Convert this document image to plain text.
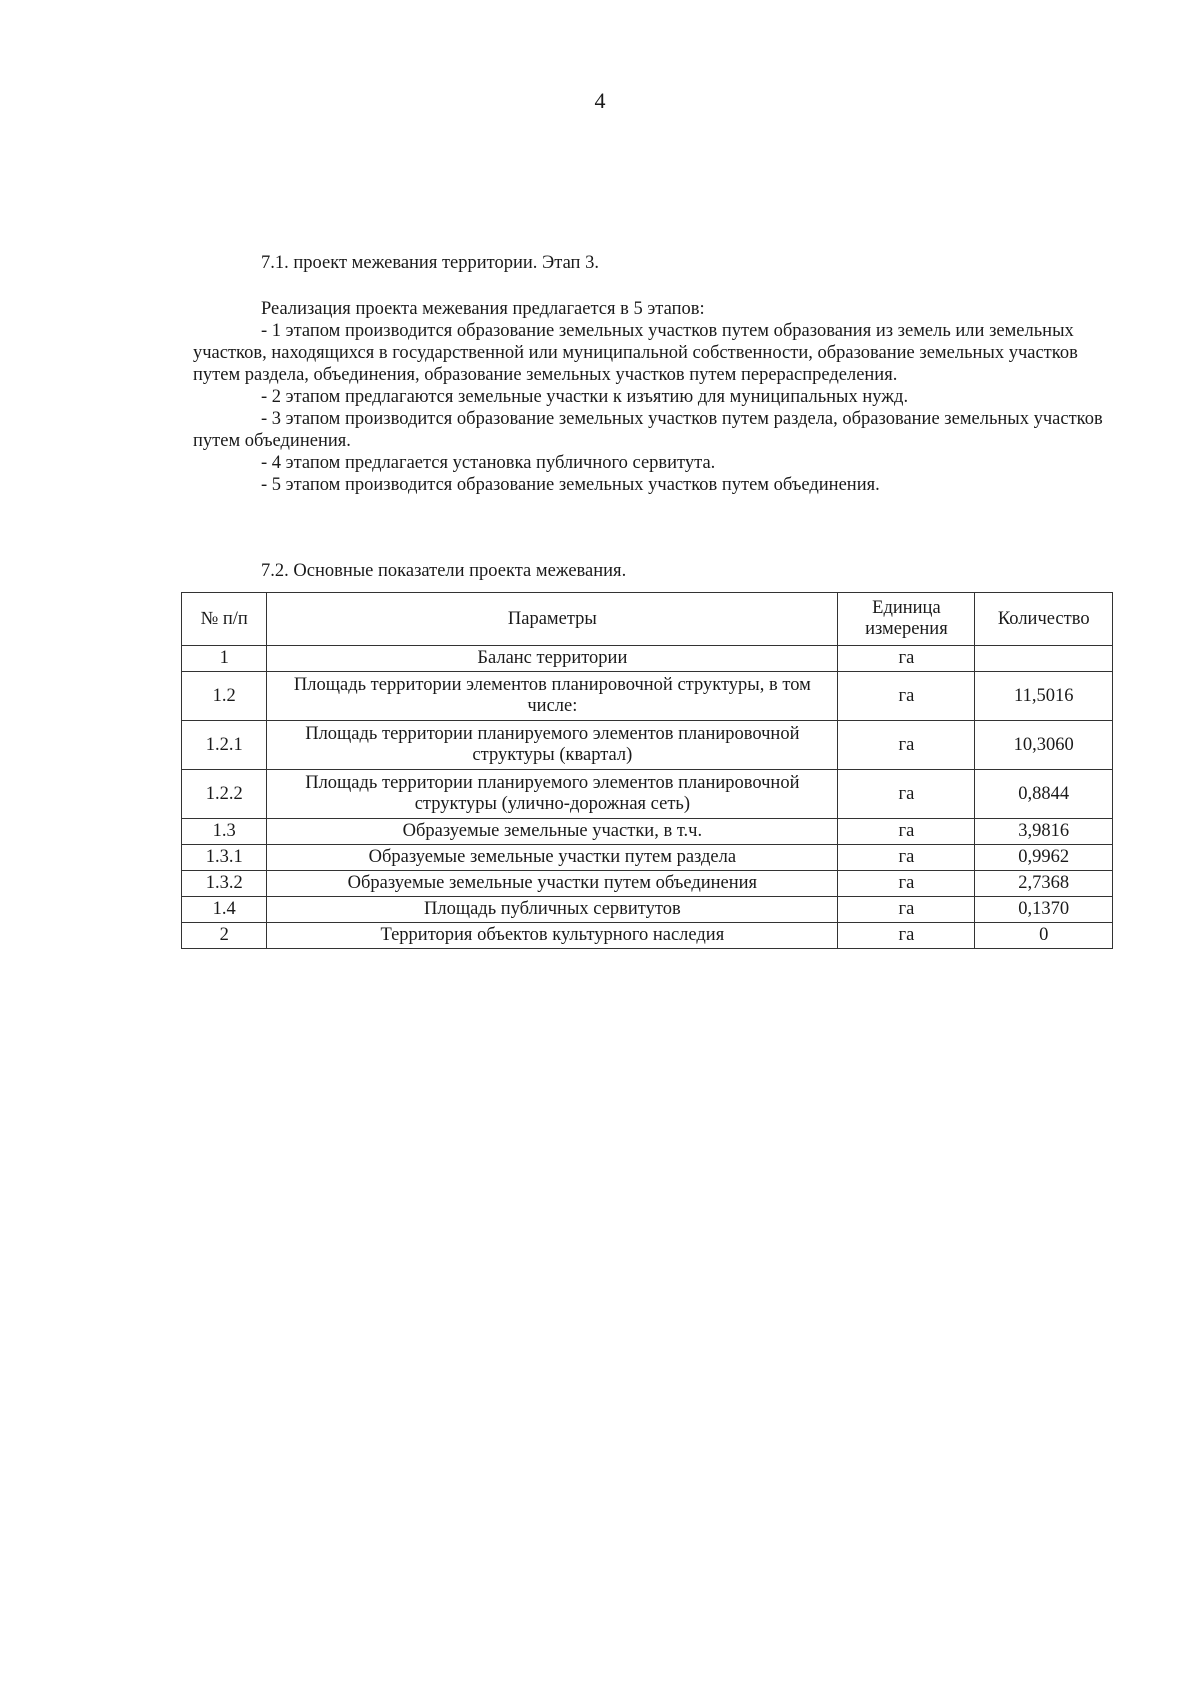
4
7.1. проект межевания территории. Этап 3.

Реализация проекта межевания предлагается в 5 этапов:

- 1 этапом производится образование земельных участков путем образования из земель или земельных участков, находящихся в государственной или муниципальной собственности, образование земельных участков путем раздела, объединения, образование земельных участков путем перераспределения.

- 2 этапом предлагаются земельные участки к изъятию для муниципальных нужд.

- 3 этапом производится образование земельных участков путем раздела, образование земельных участков путем объединения.

- 4 этапом предлагается установка публичного сервитута.

- 5 этапом производится образование земельных участков путем объединения.

7.2. Основные показатели проекта межевания.
№ п/п	Параметры	Единица измерения	Количество
1	Баланс территории	га	
1.2	Площадь территории элементов планировочной структуры, в том числе:	га	11,5016
1.2.1	Площадь территории планируемого элементов планировочной структуры (квартал)	га	10,3060
1.2.2	Площадь территории планируемого элементов планировочной структуры (улично-дорожная сеть)	га	0,8844
1.3	Образуемые земельные участки, в т.ч.	га	3,9816
1.3.1	Образуемые земельные участки путем раздела	га	0,9962
1.3.2	Образуемые земельные участки путем объединения	га	2,7368
1.4	Площадь публичных сервитутов	га	0,1370
2	Территория объектов культурного наследия	га	0
